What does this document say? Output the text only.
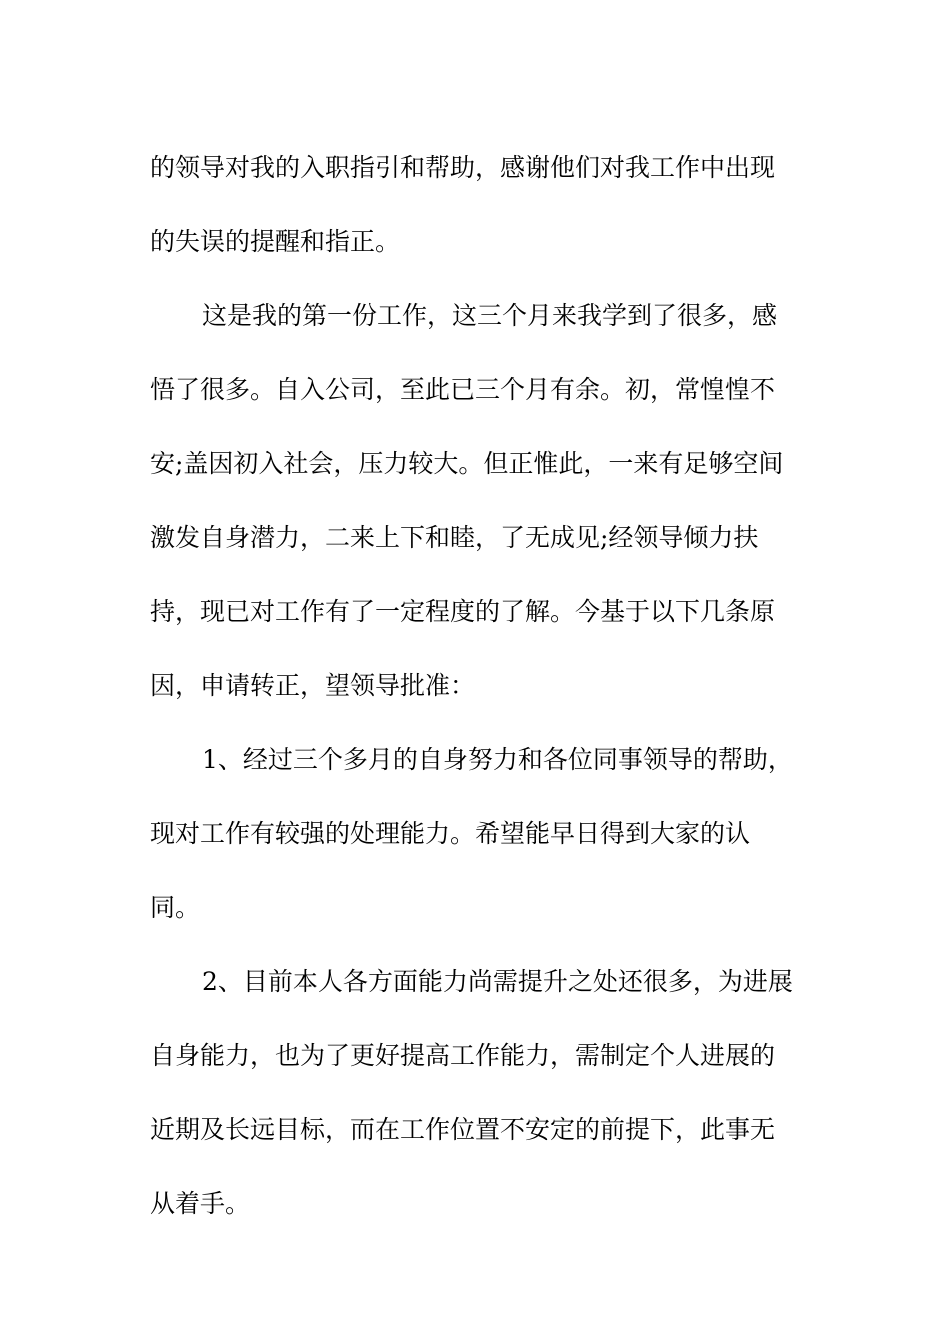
的领导对我的入职指引和帮助，感谢他们对我工作中出现
的失误的提醒和指正。
这是我的第一份工作，这三个月来我学到了很多，感
悟了很多。自入公司，至此已三个月有余。初，常惶惶不
安;盖因初入社会，压力较大。但正惟此，一来有足够空间
激发自身潜力，二来上下和睦，了无成见;经领导倾力扶
持，现已对工作有了一定程度的了解。今基于以下几条原
因，申请转正，望领导批准：
1、经过三个多月的自身努力和各位同事领导的帮助，
现对工作有较强的处理能力。希望能早日得到大家的认
同。
2、目前本人各方面能力尚需提升之处还很多，为进展
自身能力，也为了更好提高工作能力，需制定个人进展的
近期及长远目标，而在工作位置不安定的前提下，此事无
从着手。
